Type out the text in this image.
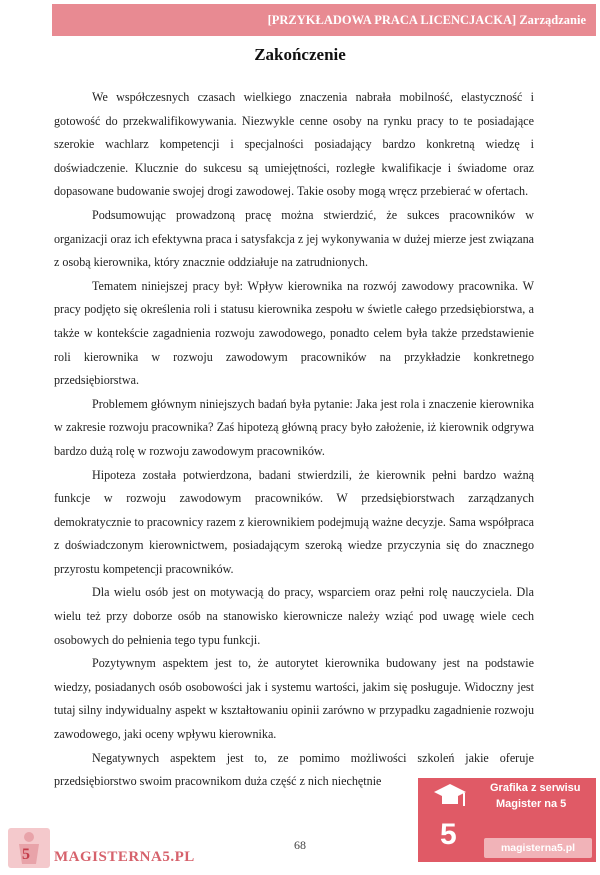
[PRZYKŁADOWA PRACA LICENCJACKA] Zarządzanie
Zakończenie

We współczesnych czasach wielkiego znaczenia nabrała mobilność, elastyczność i gotowość do przekwalifikowywania. Niezwykle cenne osoby na rynku pracy to te posiadające szerokie wachlarz kompetencji i specjalności posiadający bardzo konkretną wiedzę i doświadczenie. Klucznie do sukcesu są umiejętności, rozległe kwalifikacje i świadome oraz dopasowane budowanie swojej drogi zawodowej. Takie osoby mogą wręcz przebierać w ofertach.

Podsumowując prowadzoną pracę można stwierdzić, że sukces pracowników w organizacji oraz ich efektywna praca i satysfakcja z jej wykonywania w dużej mierze jest związana z osobą kierownika, który znacznie oddziałuje na zatrudnionych.

Tematem niniejszej pracy był: Wpływ kierownika na rozwój zawodowy pracownika. W pracy podjęto się określenia roli i statusu kierownika zespołu w świetle całego przedsiębiorstwa, a także w kontekście zagadnienia rozwoju zawodowego, ponadto celem była także przedstawienie roli kierownika w rozwoju zawodowym pracowników na przykładzie konkretnego przedsiębiorstwa.

Problemem głównym niniejszych badań była pytanie: Jaka jest rola i znaczenie kierownika w zakresie rozwoju pracownika? Zaś hipotezą główną pracy było założenie, iż kierownik odgrywa bardzo dużą rolę w rozwoju zawodowym pracowników.

Hipoteza została potwierdzona, badani stwierdzili, że kierownik pełni bardzo ważną funkcje w rozwoju zawodowym pracowników. W przedsiębiorstwach zarządzanych demokratycznie to pracownicy razem z kierownikiem podejmują ważne decyzje. Sama współpraca z doświadczonym kierownictwem, posiadającym szeroką wiedze przyczynia się do znacznego przyrostu kompetencji pracowników.

Dla wielu osób jest on motywacją do pracy, wsparciem oraz pełni rolę nauczyciela. Dla wielu też przy doborze osób na stanowisko kierownicze należy wziąć pod uwagę wiele cech osobowych do pełnienia tego typu funkcji.

Pozytywnym aspektem jest to, że autorytet kierownika budowany jest na podstawie wiedzy, posiadanych osób osobowości jak i systemu wartości, jakim się posługuje. Widoczny jest tutaj silny indywidualny aspekt w kształtowaniu opinii zarówno w przypadku zagadnienie rozwoju zawodowego, jaki oceny wpływu kierownika.

Negatywnych aspektem jest to, ze pomimo możliwości szkoleń jakie oferuje przedsiębiorstwo swoim pracownikom duża część z nich niechętnie

68
5 MAGISTERNA5.PL
Grafika z serwisu
Magister na 5
5	magisterna5.pl
